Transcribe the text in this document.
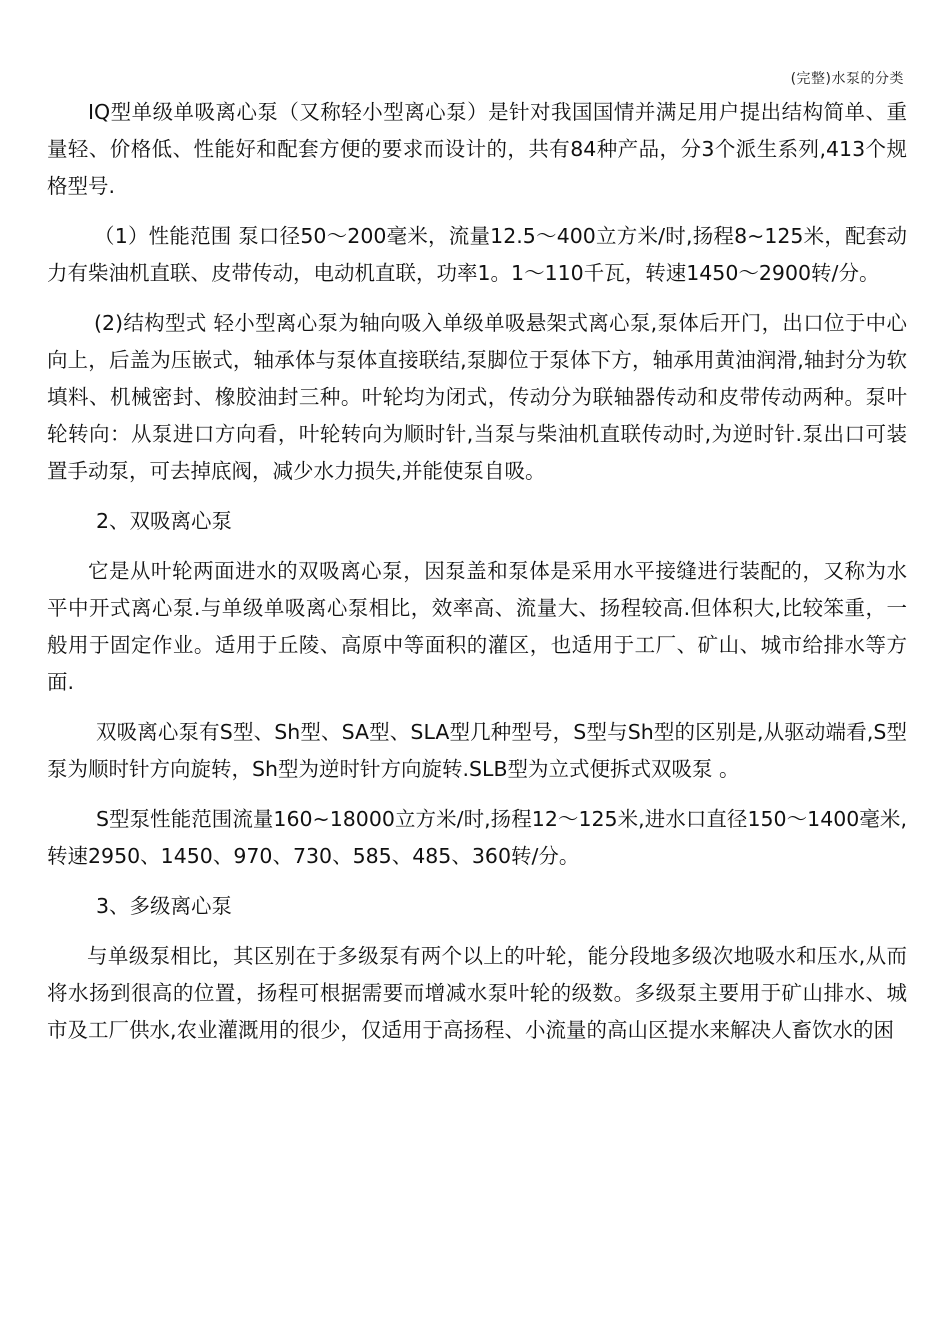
(完整)水泵的分类

IQ型单级单吸离心泵（又称轻小型离心泵）是针对我国国情并满足用户提出结构简单、重量轻、价格低、性能好和配套方便的要求而设计的，共有84种产品，分3个派生系列,413个规格型号.

（1）性能范围 泵口径50～200毫米，流量12.5～400立方米/时,扬程8~125米，配套动力有柴油机直联、皮带传动，电动机直联，功率1。1～110千瓦，转速1450～2900转/分。

(2)结构型式 轻小型离心泵为轴向吸入单级单吸悬架式离心泵,泵体后开门，出口位于中心向上，后盖为压嵌式，轴承体与泵体直接联结,泵脚位于泵体下方，轴承用黄油润滑,轴封分为软填料、机械密封、橡胶油封三种。叶轮均为闭式，传动分为联轴器传动和皮带传动两种。泵叶轮转向：从泵进口方向看，叶轮转向为顺时针,当泵与柴油机直联传动时,为逆时针.泵出口可装置手动泵，可去掉底阀，减少水力损失,并能使泵自吸。

2、双吸离心泵

它是从叶轮两面进水的双吸离心泵，因泵盖和泵体是采用水平接缝进行装配的，又称为水平中开式离心泵.与单级单吸离心泵相比，效率高、流量大、扬程较高.但体积大,比较笨重，一般用于固定作业。适用于丘陵、高原中等面积的灌区，也适用于工厂、矿山、城市给排水等方面.

双吸离心泵有S型、Sh型、SA型、SLA型几种型号，S型与Sh型的区别是,从驱动端看,S型泵为顺时针方向旋转，Sh型为逆时针方向旋转.SLB型为立式便拆式双吸泵 。

S型泵性能范围流量160~18000立方米/时,扬程12～125米,进水口直径150～1400毫米,转速2950、1450、970、730、585、485、360转/分。

3、多级离心泵

与单级泵相比，其区别在于多级泵有两个以上的叶轮，能分段地多级次地吸水和压水,从而将水扬到很高的位置，扬程可根据需要而增减水泵叶轮的级数。多级泵主要用于矿山排水、城市及工厂供水,农业灌溉用的很少，仅适用于高扬程、小流量的高山区提水来解决人畜饮水的困
